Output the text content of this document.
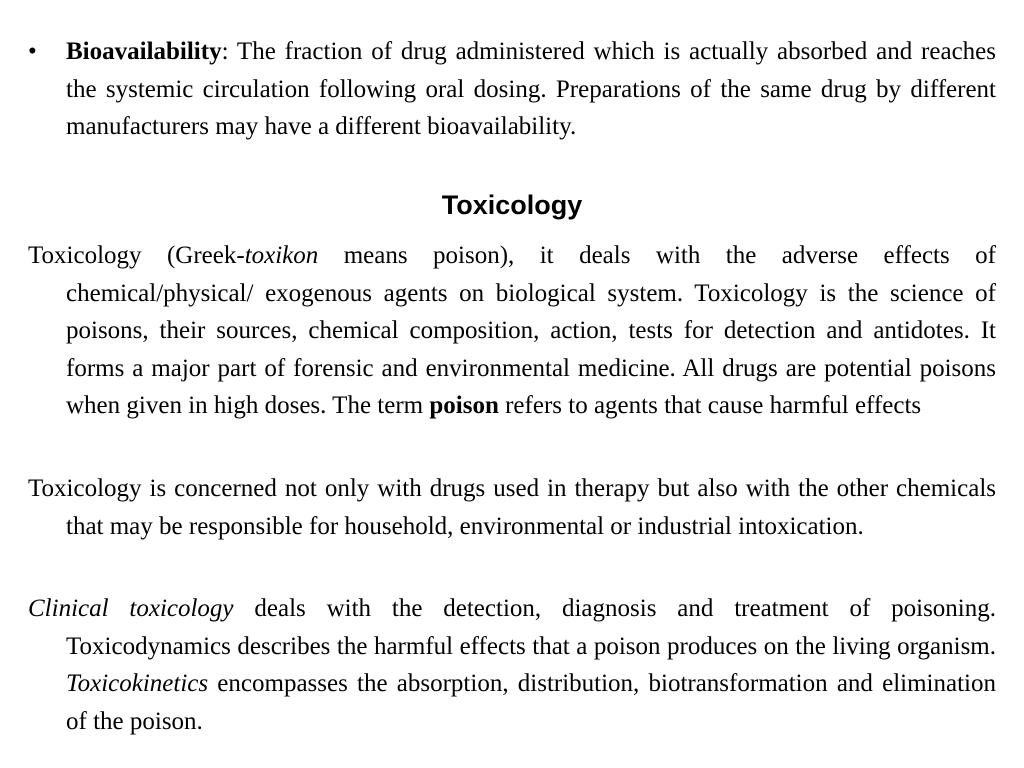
•	Bioavailability: The fraction of drug administered which is actually absorbed and reaches the systemic circulation following oral dosing. Preparations of the same drug by different manufacturers may have a different bioavailability.

Toxicology

Toxicology (Greek-toxikon means poison), it deals with the adverse effects of chemical/physical/ exogenous agents on biological system. Toxicology is the science of poisons, their sources, chemical composition, action, tests for detection and antidotes. It forms a major part of forensic and environmental medicine. All drugs are potential poisons when given in high doses. The term poison refers to agents that cause harmful effects

Toxicology is concerned not only with drugs used in therapy but also with the other chemicals that may be responsible for household, environmental or industrial intoxication.

Clinical toxicology deals with the detection, diagnosis and treatment of poisoning. Toxicodynamics describes the harmful effects that a poison produces on the living organism. Toxicokinetics encompasses the absorption, distribution, biotransformation and elimination of the poison.
